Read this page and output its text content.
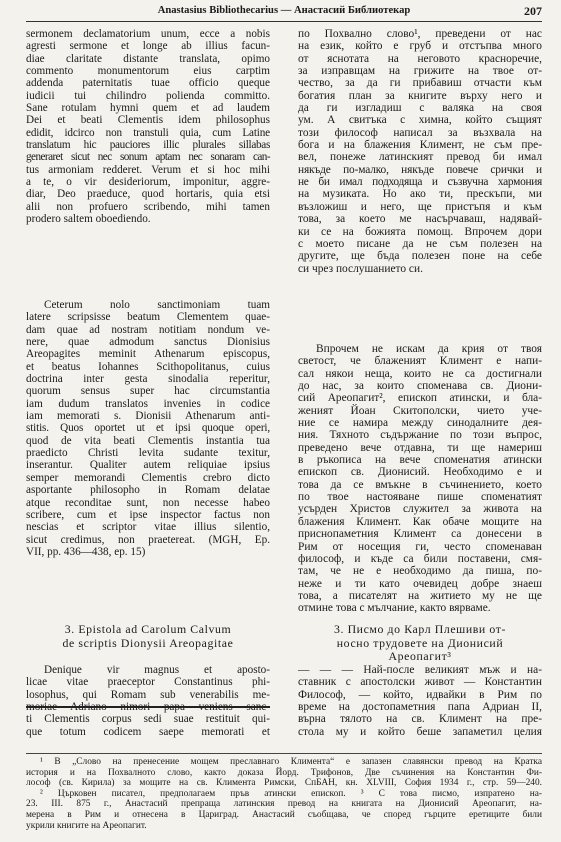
Anastasius Bibliothecarius — Анастасий Библиотекар	207
sermonem declamatorium unum, ecce a nobis
agresti sermone et longe ab illius facun-
diae claritate distante translata, opimo
commento monumentorum eius carptim
addenda paternitatis tuae officio queque
iudicii tui chilindro polienda committo.
Sane rotulam hymni quem et ad laudem
Dei et beati Clementis idem philosophus
edidit, idcirco non transtuli quia, cum Latine
translatum hic pauciores illic plurales sillabas
generaret sicut nec sonum aptam nec sonaram can-
tus armoniam redderet. Verum et si hoc mihi
a te, o vir desideriorum, imponitur, aggre-
diar, Deo praeduce, quod hortaris, quia etsi
alii non profuero scribendo, mihi tamen
prodero saltem oboediendo.
Ceterum nolo sanctimoniam tuam
latere scripsisse beatum Clementem quae-
dam quae ad nostram notitiam nondum ve-
nere, quae admodum sanctus Dionisius
Areopagites meminit Athenarum episcopus,
et beatus Iohannes Scithopolitanus, cuius
doctrina inter gesta sinodalia reperitur,
quorum sensus super hac circumstantia
iam dudum translatos invenies in codice
iam memorati s. Dionisii Athenarum anti-
stitis. Quos oportet ut et ipsi quoque operi,
quod de vita beati Clementis instantia tua
praedicto Christi levita sudante texitur,
inserantur. Qualiter autem reliquiae ipsius
semper memorandi Clementis crebro dicto
asportante philosopho in Romam delatae
atque reconditae sunt, non necesse habeo
scribere, cum et ipse inspector factus non
nescias et scriptor vitae illius silentio,
sicut credimus, non praetereat. (MGH, Ep.
VII, pp. 436—438, ep. 15)
по Похвално слово¹, преведени от нас
на език, който е груб и отстъпва много
от яснотата на неговото красноречие,
за изправщам на грижите на твое от-
чество, за да ги прибавиш отчасти към
богатия план за книгите върху него и
да ги изгладиш с валяка на своя
ум. А свитъка с химна, който същият
този философ написал за възхвала на
бога и на блажения Климент, не съм пре-
вел, понеже латинският превод би имал
някъде по-малко, някъде повече срички и
не би имал подходяща и съзвучна хармония
на музиката. Но ако ти, прескъпи, ми
възложиш и него, ще пристъпя и към
това, за което ме насърчаваш, надявай-
ки се на божията помощ. Впрочем дори
с моето писане да не съм полезен на
другите, ще бъда полезен поне на себе
си чрез послушанието си.
Впрочем не искам да крия от твоя
светост, че блаженият Климент е напи-
сал някои неща, които не са достигнали
до нас, за които споменава св. Диони-
сий Ареопагит², епископ атински, и бла-
женият Йоан Скитополски, чието уче-
ние се намира между синодалните дея-
ния. Тяхното съдържание по този въпрос,
преведено вече отдавна, ти ще намериш
в ръкописа на вече споменатия атински
епископ св. Дионисий. Необходимо е и
това да се вмъкне в съчинението, което
по твое настояване пише споменатият
усърден Христов служител за живота на
блажения Климент. Как обаче мощите на
приснопаметния Климент са донесени в
Рим от носещия ги, често споменаван
философ, и къде са били поставени, смя-
там, че не е необходимо да пиша, по-
неже и ти като очевидец добре знаеш
това, а писателят на житието му не ще
отмине това с мълчание, както вярваме.
3. Epistola ad Carolum Calvum
de scriptis Dionysii Areopagitae
3. Писмо до Карл Плешиви от-
носно трудовете на Дионисий
Ареопагит³
Denique vir magnus et aposto-
licae vitae praeceptor Constantinus phi-
losophus, qui Romam sub venerabilis me-
moriae Adriano nimori papa veniens sanc-
ti Clementis corpus sedi suae restituit qui-
que totum codicem saepe memorati et
— — — Най-после великият мъж и на-
ставник с апостолски живот — Константин
Философ, — който, идвайки в Рим по
време на достопаметния папа Адриан II,
върна тялото на св. Климент на пре-
стола му и който беше запаметил целия
¹ В „Слово на пренесение мощем преславнаго Климента“ е запазен славянски превод на Кратка
история и на Похвалното слово, както доказа Йорд. Трифонов, Две съчинения на Константин Фи-
лософ (св. Кирила) за мощите на св. Климента Римски, СпБАН, кн. XLVIII, София 1934 г., стр. 59—240.
² Църковен писател, предполагаем пръв атински епископ. ³ С това писмо, изпратено на-
23. III. 875 г., Анастасий препраща латинския превод на книгата на Дионисий Ареопагит, на-
мерена в Рим и отнесена в Цариград. Анастасий съобщава, че според гърците еретиците били
укрили книгите на Ареопагит.
